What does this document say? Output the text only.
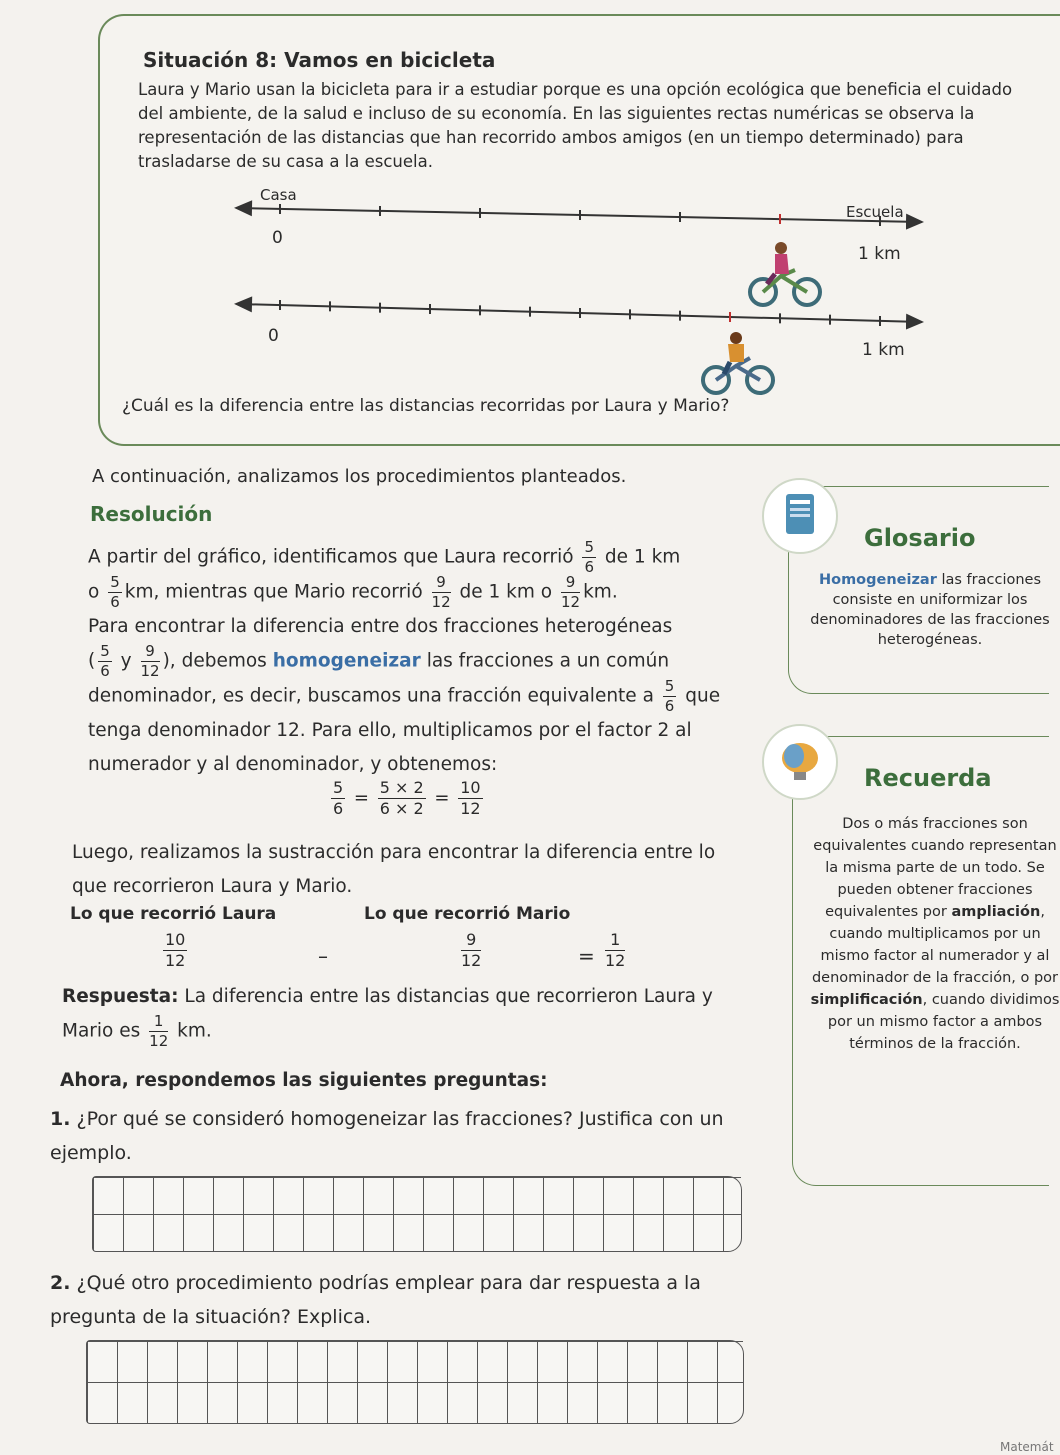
Situación 8: Vamos en bicicleta
Laura y Mario usan la bicicleta para ir a estudiar porque es una opción ecológica que beneficia el cuidado del ambiente, de la salud e incluso de su economía. En las siguientes rectas numéricas se observa la representación de las distancias que han recorrido ambos amigos (en un tiempo determinado) para trasladarse de su casa a la escuela.
Casa
Escuela
0
1 km
0
1 km
¿Cuál es la diferencia entre las distancias recorridas por Laura y Mario?
A continuación, analizamos los procedimientos planteados.
Resolución
A partir del gráfico, identificamos que Laura recorrió $\frac{5}{6}$ de 1 km
o $\frac{5}{6}$ km, mientras que Mario recorrió $\frac{9}{12}$ de 1 km o $\frac{9}{12}$ km.
Para encontrar la diferencia entre dos fracciones heterogéneas
( $\frac{5}{6}$ y $\frac{9}{12}$ ), debemos homogeneizar las fracciones a un común denominador, es decir, buscamos una fracción equivalente a $\frac{5}{6}$ que tenga denominador 12. Para ello, multiplicamos por el factor 2 al numerador y al denominador, y obtenemos:
$\frac{5}{6} = \frac{5 \times 2}{6 \times 2} = \frac{10}{12}$
Luego, realizamos la sustracción para encontrar la diferencia entre lo que recorrieron Laura y Mario.
Lo que recorrió Laura	Lo que recorrió Mario
$\frac{10}{12}$	–	$\frac{9}{12}$	= $\frac{1}{12}$
Respuesta: La diferencia entre las distancias que recorrieron Laura y Mario es $\frac{1}{12}$ km.
Ahora, respondemos las siguientes preguntas:
1. ¿Por qué se consideró homogeneizar las fracciones? Justifica con un ejemplo.
2. ¿Qué otro procedimiento podrías emplear para dar respuesta a la pregunta de la situación? Explica.
Glosario
Homogeneizar las fracciones consiste en uniformizar los denominadores de las fracciones heterogéneas.
Recuerda
Dos o más fracciones son equivalentes cuando representan la misma parte de un todo. Se pueden obtener fracciones equivalentes por ampliación, cuando multiplicamos por un mismo factor al numerador y al denominador de la fracción, o por simplificación, cuando dividimos por un mismo factor a ambos términos de la fracción.
Matemát
